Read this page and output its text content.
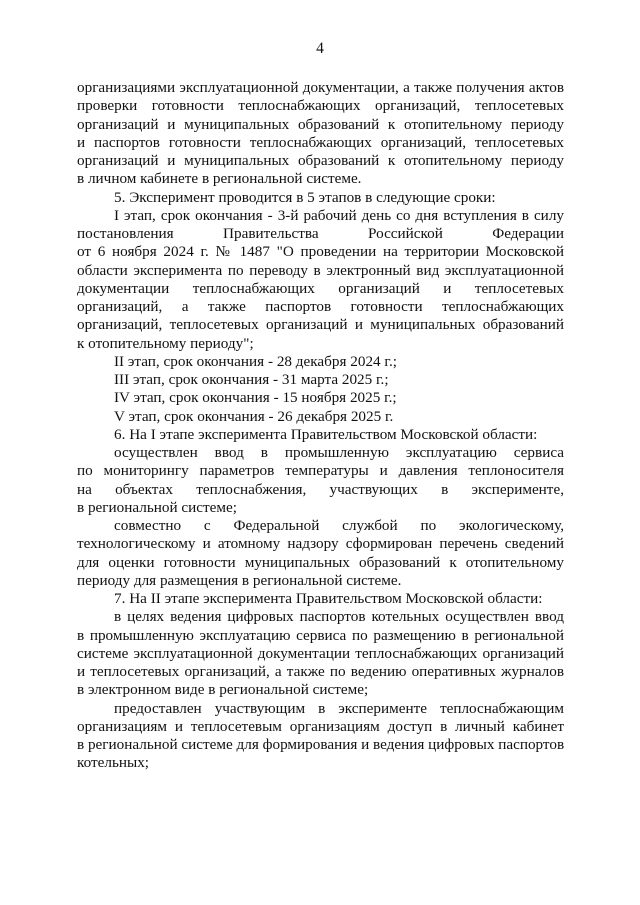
4
организациями эксплуатационной документации, а также получения актов
проверки готовности теплоснабжающих организаций, теплосетевых
организаций и муниципальных образований к отопительному периоду
и паспортов готовности теплоснабжающих организаций, теплосетевых
организаций и муниципальных образований к отопительному периоду
в личном кабинете в региональной системе.
5. Эксперимент проводится в 5 этапов в следующие сроки:
I этап, срок окончания - 3-й рабочий день со дня вступления в силу
постановления Правительства Российской Федерации
от 6 ноября 2024 г. № 1487 "О проведении на территории Московской
области эксперимента по переводу в электронный вид эксплуатационной
документации теплоснабжающих организаций и теплосетевых
организаций, а также паспортов готовности теплоснабжающих
организаций, теплосетевых организаций и муниципальных образований
к отопительному периоду";
II этап, срок окончания - 28 декабря 2024 г.;
III этап, срок окончания - 31 марта 2025 г.;
IV этап, срок окончания - 15 ноября 2025 г.;
V этап, срок окончания - 26 декабря 2025 г.
6. На I этапе эксперимента Правительством Московской области:
осуществлен ввод в промышленную эксплуатацию сервиса
по мониторингу параметров температуры и давления теплоносителя
на объектах теплоснабжения, участвующих в эксперименте,
в региональной системе;
совместно с Федеральной службой по экологическому,
технологическому и атомному надзору сформирован перечень сведений
для оценки готовности муниципальных образований к отопительному
периоду для размещения в региональной системе.
7. На II этапе эксперимента Правительством Московской области:
в целях ведения цифровых паспортов котельных осуществлен ввод
в промышленную эксплуатацию сервиса по размещению в региональной
системе эксплуатационной документации теплоснабжающих организаций
и теплосетевых организаций, а также по ведению оперативных журналов
в электронном виде в региональной системе;
предоставлен участвующим в эксперименте теплоснабжающим
организациям и теплосетевым организациям доступ в личный кабинет
в региональной системе для формирования и ведения цифровых паспортов
котельных;
